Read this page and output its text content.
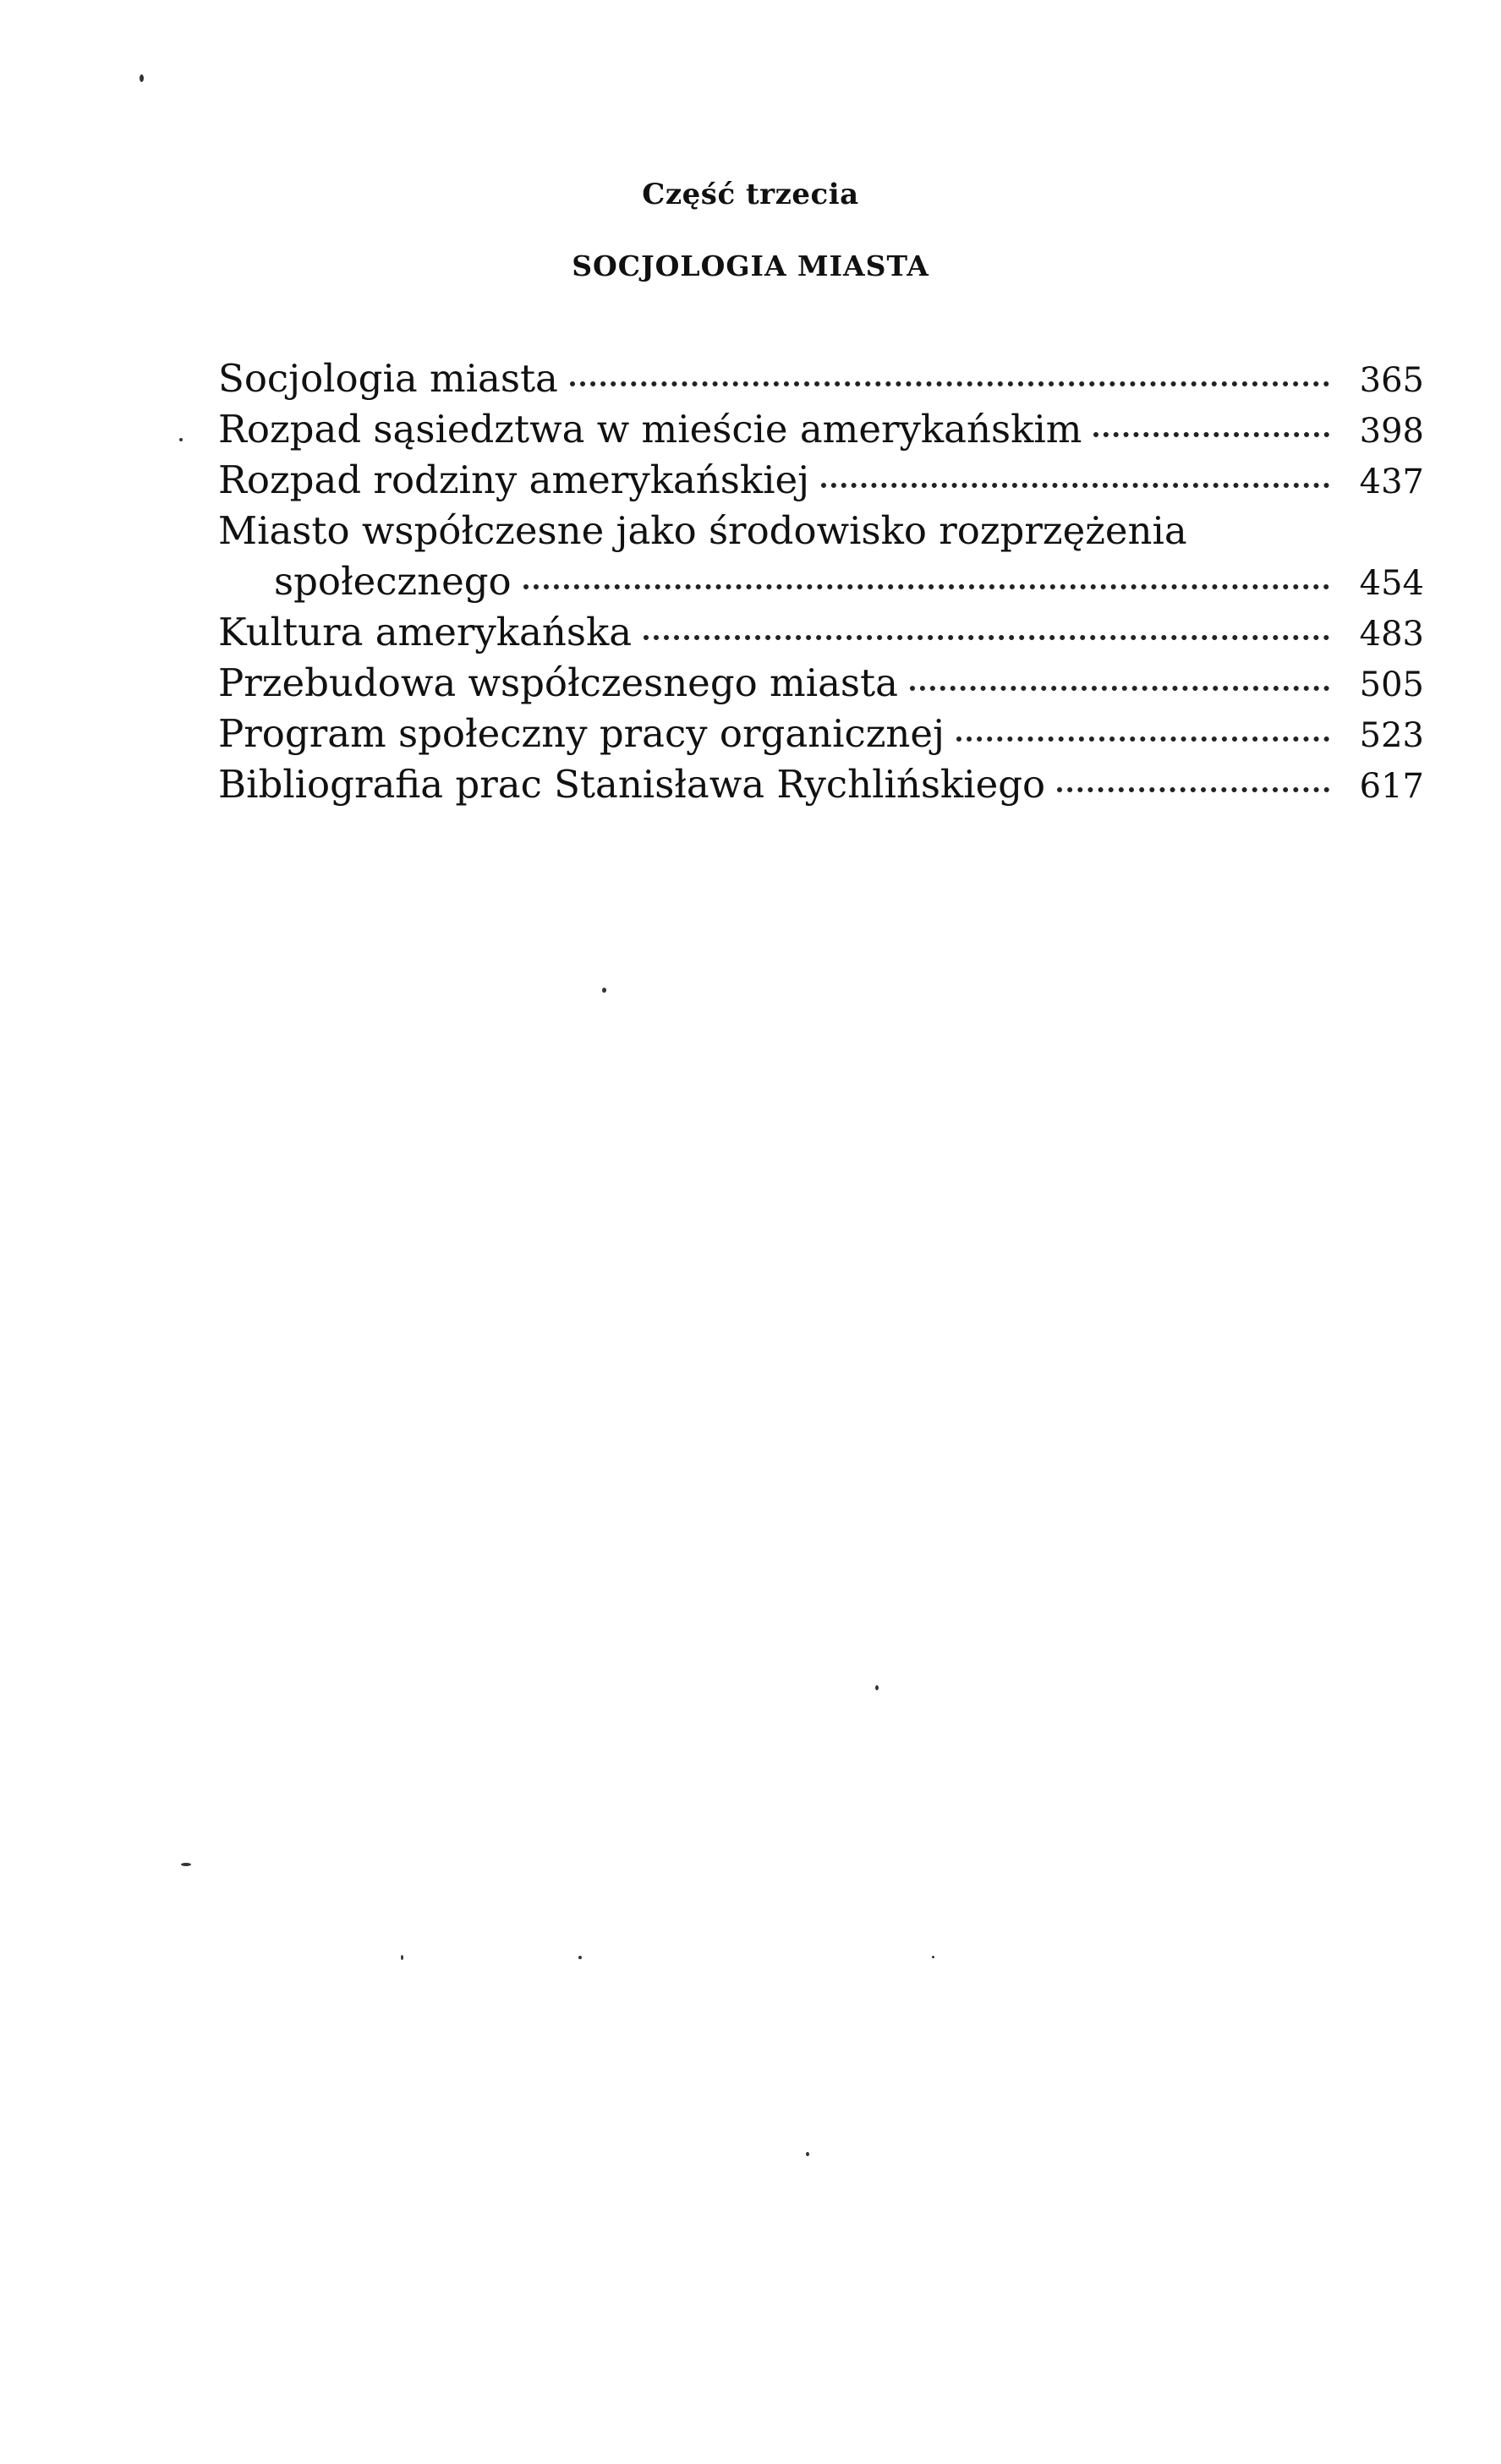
Część trzecia
SOCJOLOGIA MIASTA
Socjologia miasta	365
Rozpad sąsiedztwa w mieście amerykańskim	398
Rozpad rodziny amerykańskiej	437
Miasto współczesne jako środowisko rozprzężenia
społecznego	454
Kultura amerykańska	483
Przebudowa współczesnego miasta	505
Program społeczny pracy organicznej	523
Bibliografia prac Stanisława Rychlińskiego	617
